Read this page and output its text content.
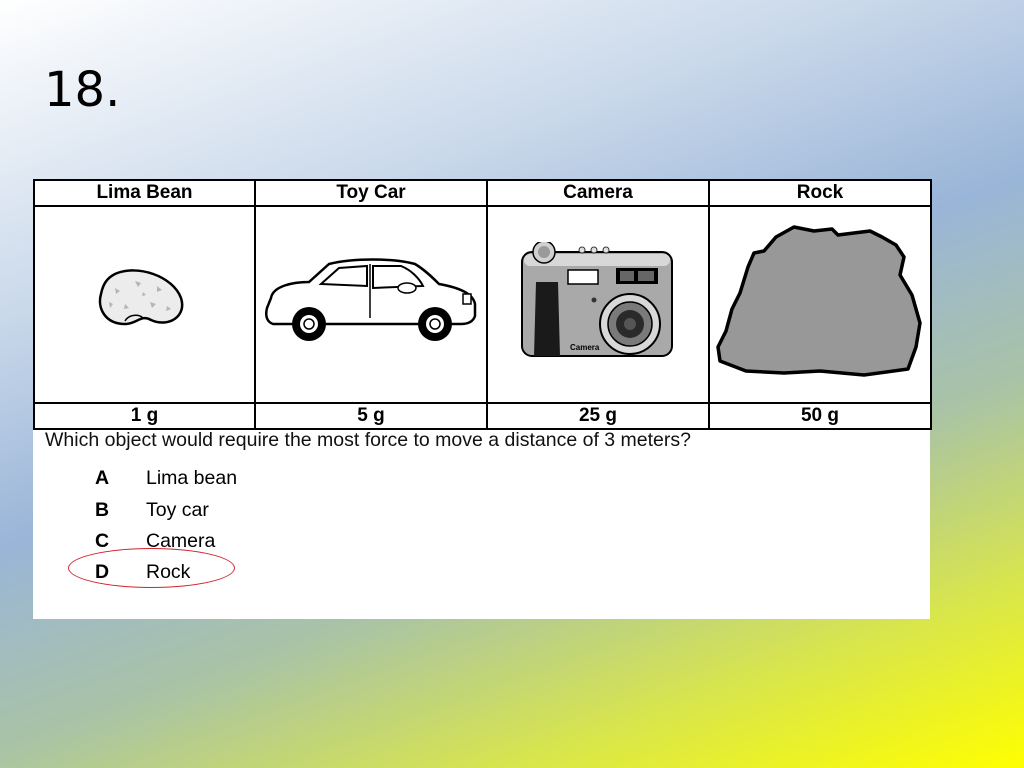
18.
Lima Bean	Toy Car	Camera	Rock

Camera

1 g	5 g	25 g	50 g
Which object would require the most force to move a distance of 3 meters?
A Lima bean
B Toy car
C Camera
D Rock
